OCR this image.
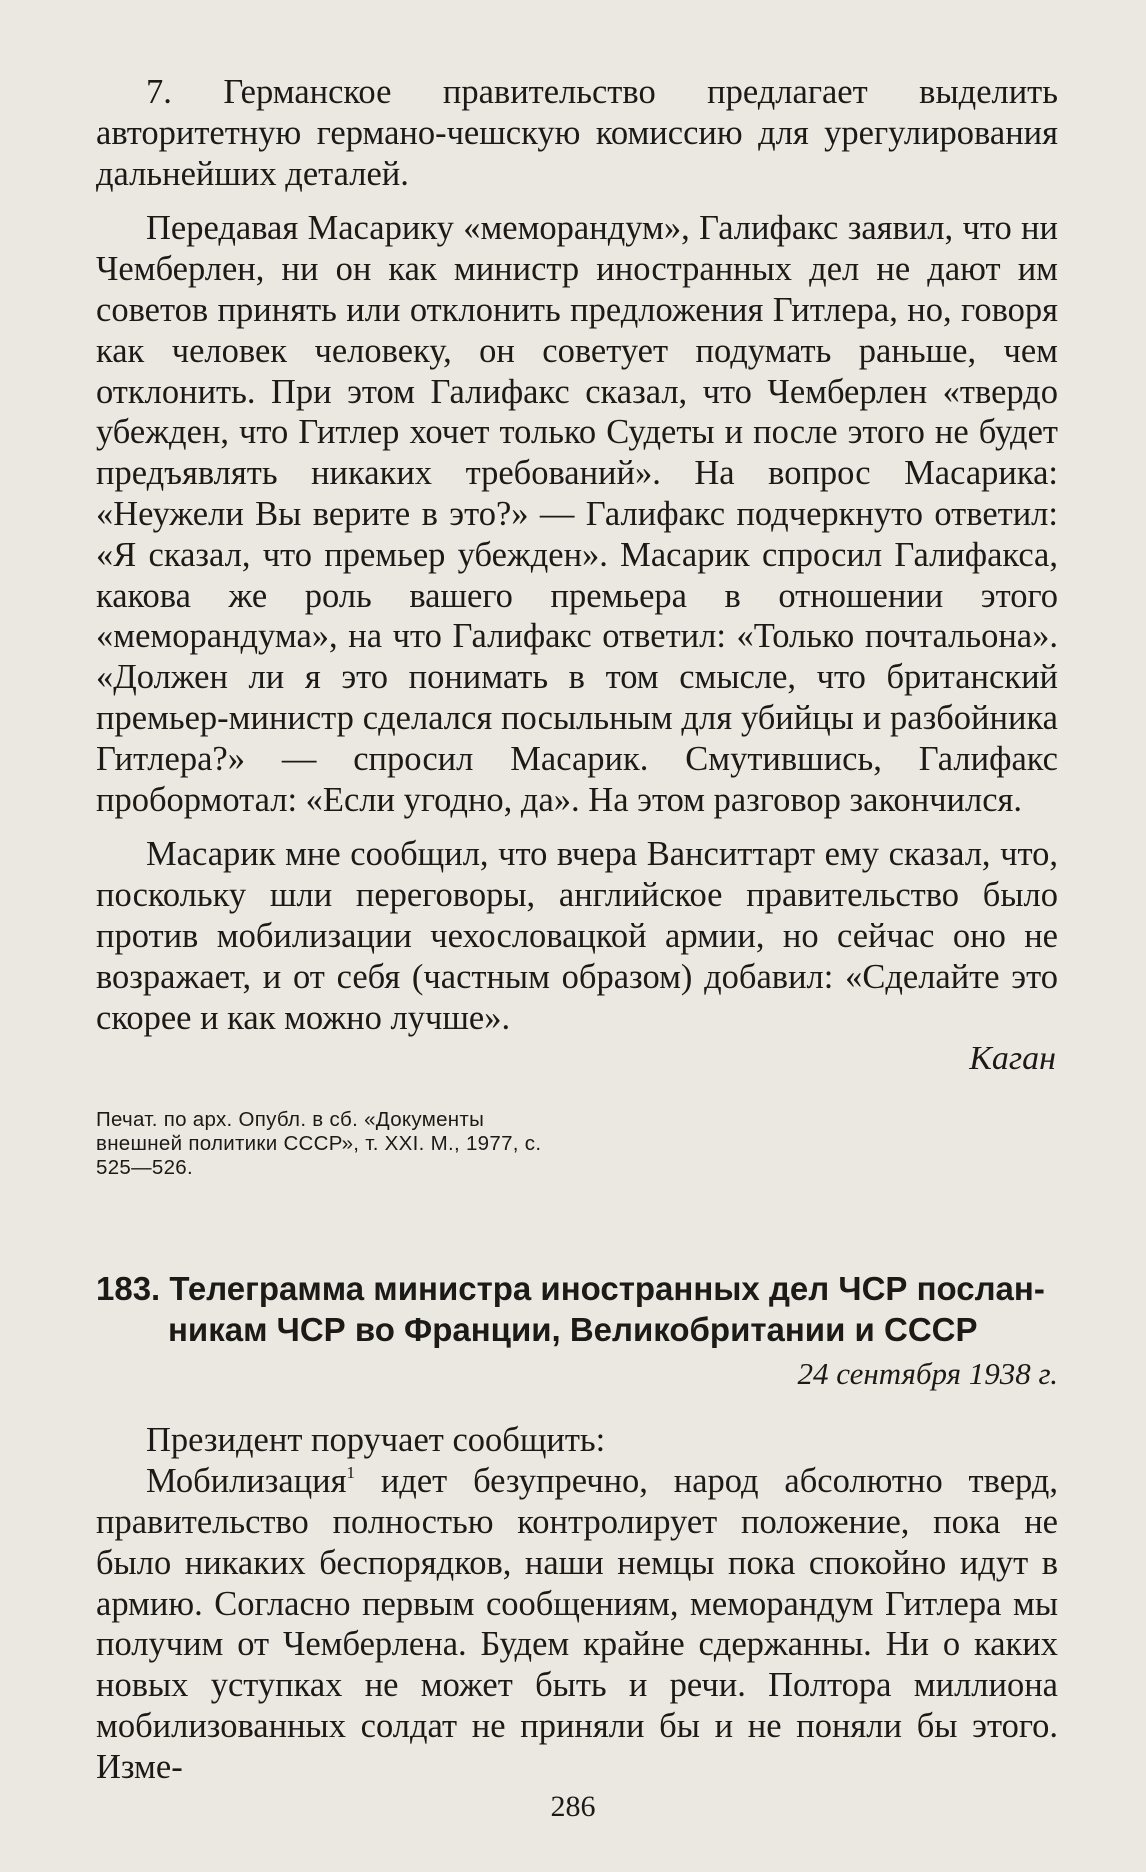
7. Германское правительство предлагает выделить авторитетную германо-чешскую комиссию для урегулирования дальнейших деталей.

Передавая Масарику «меморандум», Галифакс заявил, что ни Чемберлен, ни он как министр иностранных дел не дают им советов принять или отклонить предложения Гитлера, но, говоря как человек человеку, он советует подумать раньше, чем отклонить. При этом Галифакс сказал, что Чемберлен «твердо убежден, что Гитлер хочет только Судеты и после этого не будет предъявлять никаких требований». На вопрос Масарика: «Неужели Вы верите в это?» — Галифакс подчеркнуто ответил: «Я сказал, что премьер убежден». Масарик спросил Галифакса, какова же роль вашего премьера в отношении этого «меморандума», на что Галифакс ответил: «Только почтальона». «Должен ли я это понимать в том смысле, что британский премьер-министр сделался посыльным для убийцы и разбойника Гитлера?» — спросил Масарик. Смутившись, Галифакс пробормотал: «Если угодно, да». На этом разговор закончился.

Масарик мне сообщил, что вчера Ванситтарт ему сказал, что, поскольку шли переговоры, английское правительство было против мобилизации чехословацкой армии, но сейчас оно не возражает, и от себя (частным образом) добавил: «Сделайте это скорее и как можно лучше».

Каган

Печат. по арх. Опубл. в сб. «Документы внешней политики СССР», т. XXI. М., 1977, с. 525—526.

183. Телеграмма министра иностранных дел ЧСР послан-
никам ЧСР во Франции, Великобритании и СССР

24 сентября 1938 г.

Президент поручает сообщить:

Мобилизация$^1$ идет безупречно, народ абсолютно тверд, правительство полностью контролирует положение, пока не было никаких беспорядков, наши немцы пока спокойно идут в армию. Согласно первым сообщениям, меморандум Гитлера мы получим от Чемберлена. Будем крайне сдержанны. Ни о каких новых уступках не может быть и речи. Полтора миллиона мобилизованных солдат не приняли бы и не поняли бы этого. Изме-

286
